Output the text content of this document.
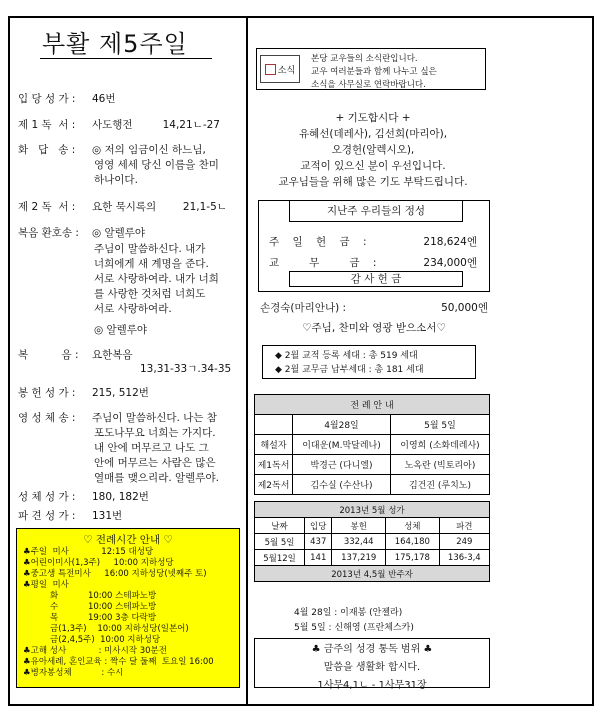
부활 제5주일
입 당 성 가 : 46번
제 1 독  서 : 사도행전         14,21ㄴ-27
화   답   송 : ◎ 저의 임금이신 하느님,
영영 세세 당신 이름을 찬미
하나이다.
제 2 독  서 : 요한 묵시록의        21,1-5ㄴ
복음 환호송 : ◎ 알렐루야
주님이 말씀하신다. 내가
너희에게 새 계명을 준다.
서로 사랑하여라. 내가 너희
를 사랑한 것처럼 너희도
서로 사랑하여라.
◎ 알렐루야
복          음 : 요한복음
13,31-33ㄱ.34-35
봉 헌 성 가 : 215, 512번
영 성 체 송 : 주님이 말씀하신다. 나는 참
포도나무요 너희는 가지다.
내 안에 머무르고 나도 그
안에 머무르는 사람은 많은
열매를 맺으리라. 알렐루야.
성 체 성 가 : 180, 182번
파 견 성 가 : 131번
♡ 전례시간 안내 ♡
♣주일  미사            12:15 대성당
♣어린이미사(1,3주)     10:00 지하성당
♣중고생 특전미사     16:00 지하성당(넷째주 토)
♣평일  미사
화           10:00 스테파노방
수           10:00 스테파노방
목           19:00 3층 다락방
금(1,3주)    10:00 지하성당(일본어)
금(2,4,5주)  10:00 지하성당
♣고해 성사            : 미사시작 30분전
♣유아세례, 혼인교육 : 짝수 달 둘째  토요일 16:00
♣병자봉성체           : 수시
소식
본당 교우들의 소식란입니다.
교우 여러분들과 함께 나누고 싶은
소식을 사무실로 연락바랍니다.
+ 기도합시다 +
유혜선(데레사), 김선희(마리아),
오경헌(알렉시오),
교적이 있으신 분이 우선입니다.
교우님들을 위해 많은 기도 부탁드립니다.
지난주 우리들의 정성
주    일    헌    금    :	218,624엔
교         무         금    :	234,000엔
감 사 헌 금
손경숙(마리안나) :	50,000엔
♡주님, 찬미와 영광 받으소서♡
◆ 2월 교적 등록 세대 : 총 519 세대
◆ 2월 교무금 납부세대 : 총 181 세대
전 례 안 내		
	4월28일	5월 5일
해설자	이대운(M.막달레나)	이영희 (소화데레사)
제1독서	박경근 (다니엘)	노옥란 (빅토리아)
제2독서	김수실 (수산나)	김건진 (루치노)
2013년 5월 성가				
날짜	입당	봉헌	성체	파견
5월 5일	437	332,44	164,180	249
5월12일	141	137,219	175,178	136-3,4
2013년 4,5월 반주자				
4월 28일 : 이재봉 (안젤라)
5월 5일 : 신해영 (프란체스카)
♣ 금주의 성경 통독 범위 ♣
말씀을 생활화 합시다.
1사무4,1ㄴ - 1사무31장
